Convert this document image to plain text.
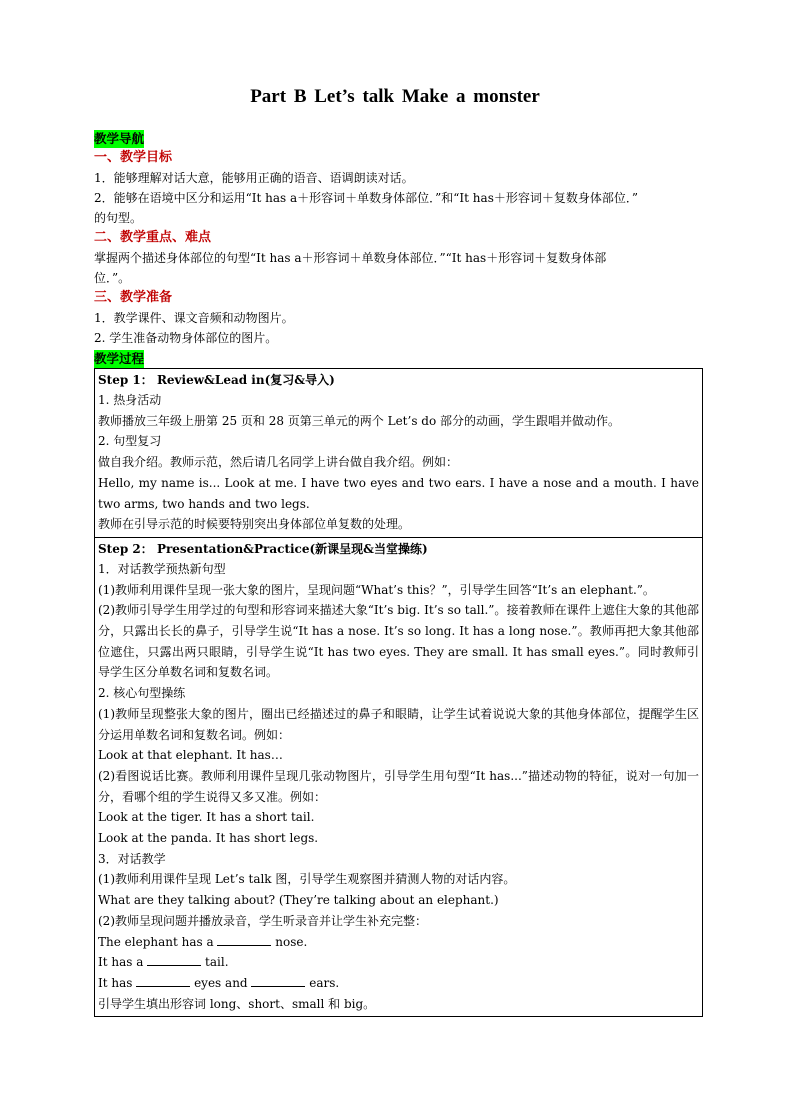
Part B Let’s talk Make a monster
教学导航
一、教学目标

1．能够理解对话大意，能够用正确的语音、语调朗读对话。

2．能够在语境中区分和运用“It has a＋形容词＋单数身体部位．”和“It has＋形容词＋复数身体部位．”

的句型。

二、教学重点、难点

掌握两个描述身体部位的句型“It has a＋形容词＋单数身体部位．”“It has＋形容词＋复数身体部

位．”。

三、教学准备

1．教学课件、课文音频和动物图片。

2. 学生准备动物身体部位的图片。

教学过程
Step 1： Review&Lead in(复习&导入)

1. 热身活动

教师播放三年级上册第 25 页和 28 页第三单元的两个 Let’s do 部分的动画，学生跟唱并做动作。

2. 句型复习

做自我介绍。教师示范，然后请几名同学上讲台做自我介绍。例如：

Hello, my name is... Look at me. I have two eyes and two ears. I have a nose and a mouth. I have two arms, two hands and two legs.

教师在引导示范的时候要特别突出身体部位单复数的处理。

Step 2： Presentation&Practice(新课呈现&当堂操练)

1．对话教学预热新句型

(1)教师利用课件呈现一张大象的图片，呈现问题“What’s this？”，引导学生回答“It’s an elephant.”。

(2)教师引导学生用学过的句型和形容词来描述大象“It’s big. It’s so tall.”。接着教师在课件上遮住大象的其他部分，只露出长长的鼻子，引导学生说“It has a nose. It’s so long. It has a long nose.”。教师再把大象其他部位遮住，只露出两只眼睛，引导学生说“It has two eyes. They are small. It has small eyes.”。同时教师引导学生区分单数名词和复数名词。

2. 核心句型操练

(1)教师呈现整张大象的图片，圈出已经描述过的鼻子和眼睛，让学生试着说说大象的其他身体部位，提醒学生区分运用单数名词和复数名词。例如：

Look at that elephant. It has…

(2)看图说话比赛。教师利用课件呈现几张动物图片，引导学生用句型“It has...”描述动物的特征，说对一句加一分，看哪个组的学生说得又多又准。例如：

Look at the tiger. It has a short tail.

Look at the panda. It has short legs.

3．对话教学

(1)教师利用课件呈现 Let’s talk 图，引导学生观察图并猜测人物的对话内容。

What are they talking about? (They’re talking about an elephant.)

(2)教师呈现问题并播放录音，学生听录音并让学生补充完整：

The elephant has a	nose.

It has a	tail.

It has	eyes and	ears.

引导学生填出形容词 long、short、small 和 big。
